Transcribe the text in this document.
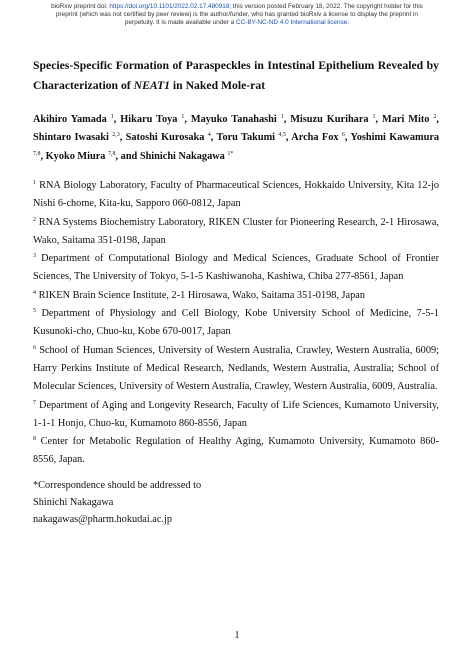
bioRxiv preprint doi: https://doi.org/10.1101/2022.02.17.480918; this version posted February 18, 2022. The copyright holder for this
preprint (which was not certified by peer review) is the author/funder, who has granted bioRxiv a license to display the preprint in
perpetuity. It is made available under a CC-BY-NC-ND 4.0 International license.
Species-Specific Formation of Paraspeckles in Intestinal Epithelium Revealed by Characterization of NEAT1 in Naked Mole-rat

Akihiro Yamada $^1$, Hikaru Toya $^1$, Mayuko Tanahashi $^1$, Misuzu Kurihara $^1$, Mari Mito $^2$, Shintaro Iwasaki $^{2,3}$, Satoshi Kurosaka $^4$, Toru Takumi $^{4,5}$, Archa Fox $^6$, Yoshimi Kawamura $^{7,8}$, Kyoko Miura $^{7,8}$, and Shinichi Nakagawa $^{1*}$

$^1$ RNA Biology Laboratory, Faculty of Pharmaceutical Sciences, Hokkaido University, Kita 12-jo Nishi 6-chome, Kita-ku, Sapporo 060-0812, Japan

$^2$ RNA Systems Biochemistry Laboratory, RIKEN Cluster for Pioneering Research, 2-1 Hirosawa, Wako, Saitama 351-0198, Japan

$^3$ Department of Computational Biology and Medical Sciences, Graduate School of Frontier Sciences, The University of Tokyo, 5-1-5 Kashiwanoha, Kashiwa, Chiba 277-8561, Japan

$^4$ RIKEN Brain Science Institute, 2-1 Hirosawa, Wako, Saitama 351-0198, Japan

$^5$ Department of Physiology and Cell Biology, Kobe University School of Medicine, 7-5-1 Kusunoki-cho, Chuo-ku, Kobe 670-0017, Japan

$^6$ School of Human Sciences, University of Western Australia, Crawley, Western Australia, 6009; Harry Perkins Institute of Medical Research, Nedlands, Western Australia, Australia; School of Molecular Sciences, University of Western Australia, Crawley, Western Australia, 6009, Australia.

$^7$ Department of Aging and Longevity Research, Faculty of Life Sciences, Kumamoto University, 1-1-1 Honjo, Chuo-ku, Kumamoto 860-8556, Japan

$^8$ Center for Metabolic Regulation of Healthy Aging, Kumamoto University, Kumamoto 860-8556, Japan.

*Correspondence should be addressed to
Shinichi Nakagawa
nakagawas@pharm.hokudai.ac.jp
1
